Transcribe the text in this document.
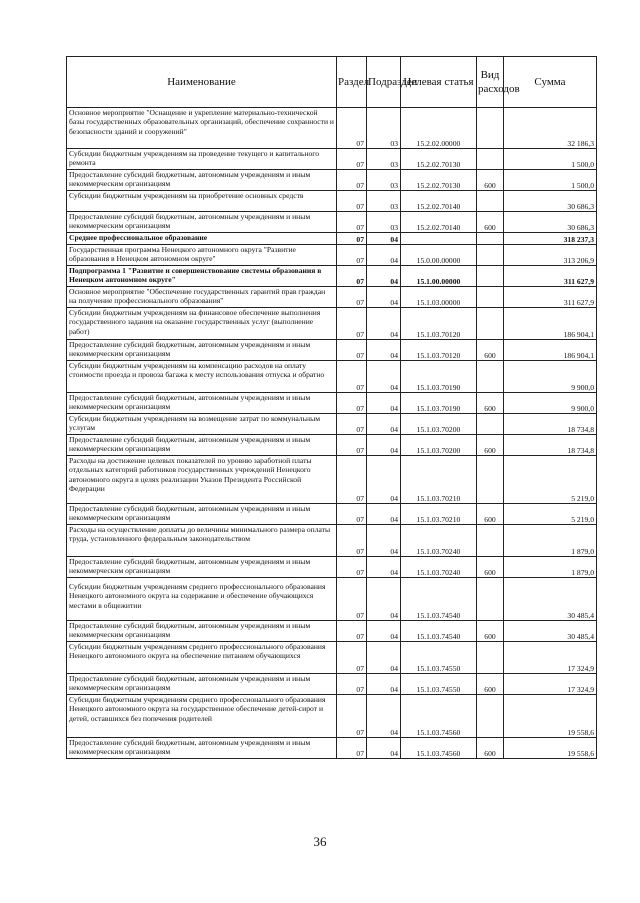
Наименование	Раздел	Подраздел	Целевая статья	Вид расходов	Сумма
Основное мероприятие "Оснащение и укрепление материально-технической базы государственных образовательных организаций, обеспечение сохранности и безопасности зданий и сооружений"	07	03	15.2.02.00000		32 186,3
Субсидии бюджетным учреждениям на проведение текущего и капитального ремонта	07	03	15.2.02.70130		1 500,0
Предоставление субсидий бюджетным, автономным учреждениям и иным некоммерческим организациям	07	03	15.2.02.70130	600	1 500,0
Субсидии бюджетным учреждениям на приобретение основных средств	07	03	15.2.02.70140		30 686,3
Предоставление субсидий бюджетным, автономным учреждениям и иным некоммерческим организациям	07	03	15.2.02.70140	600	30 686,3
Среднее профессиональное образование	07	04			318 237,3
Государственная программа Ненецкого автономного округа "Развитие образования в Ненецком автономном округе"	07	04	15.0.00.00000		313 206,9
Подпрограмма 1 "Развитие и совершенствование системы образования в Ненецком автономном округе"	07	04	15.1.00.00000		311 627,9
Основное мероприятие "Обеспечение государственных гарантий прав граждан на получение профессионального образования"	07	04	15.1.03.00000		311 627,9
Субсидии бюджетным учреждениям на финансовое обеспечение выполнения государственного задания на оказание государственных услуг (выполнение работ)	07	04	15.1.03.70120		186 904,1
Предоставление субсидий бюджетным, автономным учреждениям и иным некоммерческим организациям	07	04	15.1.03.70120	600	186 904,1
Субсидии бюджетным учреждениям на компенсацию расходов на оплату стоимости проезда и провоза багажа к месту использования отпуска и обратно	07	04	15.1.03.70190		9 900,0
Предоставление субсидий бюджетным, автономным учреждениям и иным некоммерческим организациям	07	04	15.1.03.70190	600	9 900,0
Субсидии бюджетным учреждениям на возмещение затрат по коммунальным услугам	07	04	15.1.03.70200		18 734,8
Предоставление субсидий бюджетным, автономным учреждениям и иным некоммерческим организациям	07	04	15.1.03.70200	600	18 734,8
Расходы на достижение целевых показателей по уровню заработной платы отдельных категорий работников государственных учреждений Ненецкого автономного округа в целях реализации Указов Президента Российской Федерации	07	04	15.1.03.70210		5 219,0
Предоставление субсидий бюджетным, автономным учреждениям и иным некоммерческим организациям	07	04	15.1.03.70210	600	5 219,0
Расходы на осуществление доплаты до величины минимального размера оплаты труда, установленного федеральным законодательством	07	04	15.1.03.70240		1 879,0
Предоставление субсидий бюджетным, автономным учреждениям и иным некоммерческим организациям	07	04	15.1.03.70240	600	1 879,0
Субсидии бюджетным учреждениям среднего профессионального образования Ненецкого автономного округа на содержание и обеспечение обучающихся местами в общежитии	07	04	15.1.03.74540		30 485,4
Предоставление субсидий бюджетным, автономным учреждениям и иным некоммерческим организациям	07	04	15.1.03.74540	600	30 485,4
Субсидии бюджетным учреждениям среднего профессионального образования Ненецкого автономного округа на обеспечение питанием обучающихся	07	04	15.1.03.74550		17 324,9
Предоставление субсидий бюджетным, автономным учреждениям и иным некоммерческим организациям	07	04	15.1.03.74550	600	17 324,9
Субсидии бюджетным учреждениям среднего профессионального образования Ненецкого автономного округа на государственное обеспечение детей-сирот и детей, оставшихся без попечения родителей	07	04	15.1.03.74560		19 558,6
Предоставление субсидий бюджетным, автономным учреждениям и иным некоммерческим организациям	07	04	15.1.03.74560	600	19 558,6
36
